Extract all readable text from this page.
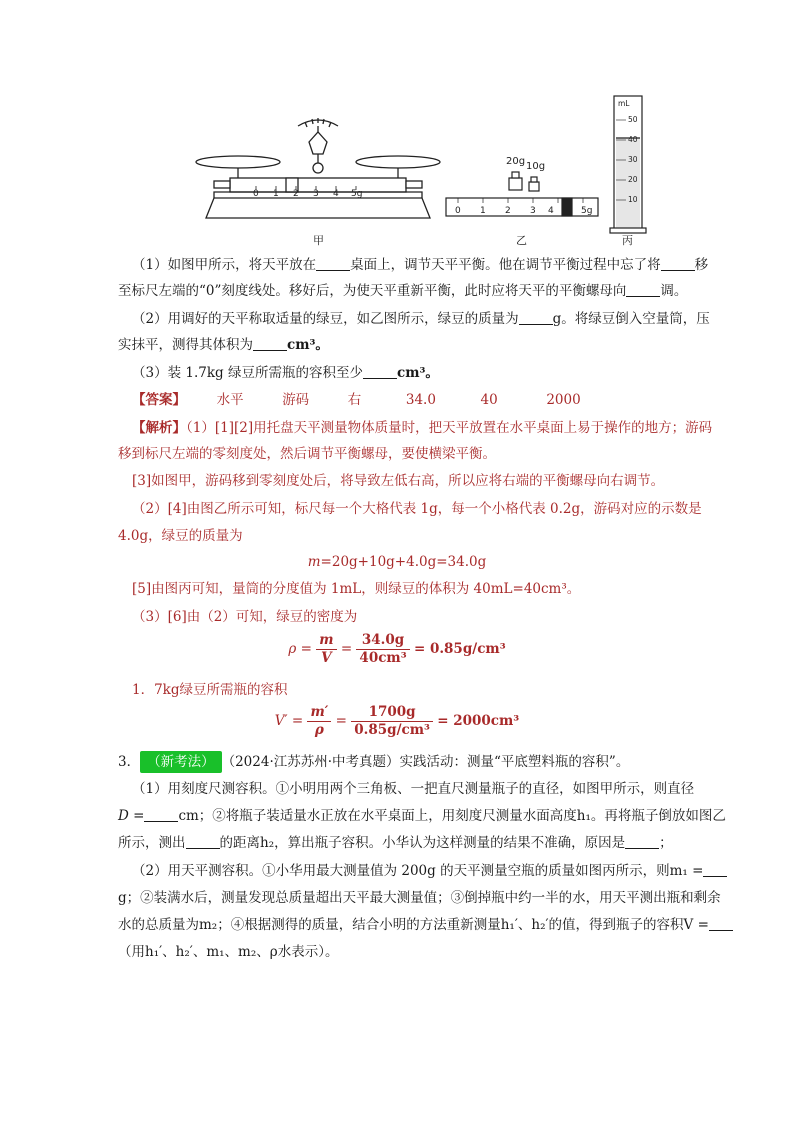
0 1 2 3 4 5g
甲
20g 10g
0 1 2 3 4	5g
乙
mL
50
40
30
20
10
丙
（1）如图甲所示，将天平放在	桌面上，调节天平平衡。他在调节平衡过程中忘了将	移
至标尺左端的“0”刻度线处。移好后，为使天平重新平衡，此时应将天平的平衡螺母向	调。
（2）用调好的天平称取适量的绿豆，如乙图所示，绿豆的质量为	g。将绿豆倒入空量筒，压
实抹平，测得其体积为	cm³。
（3）装 1.7kg 绿豆所需瓶的容积至少	cm³。
【答案】 水平	游码	右	34.0	40	2000
【解析】（1）[1][2]用托盘天平测量物体质量时，把天平放置在水平桌面上易于操作的地方；游码
移到标尺左端的零刻度处，然后调节平衡螺母，要使横梁平衡。
[3]如图甲，游码移到零刻度处后，将导致左低右高，所以应将右端的平衡螺母向右调节。
（2）[4]由图乙所示可知，标尺每一个大格代表 1g，每一个小格代表 0.2g，游码对应的示数是
4.0g，绿豆的质量为
m=20g+10g+4.0g=34.0g
[5]由图丙可知，量筒的分度值为 1mL，则绿豆的体积为 40mL=40cm³。
（3）[6]由（2）可知，绿豆的密度为
$\rho = \frac{m}{V} = \frac{34.0g}{\text{40cm³}} = 0.85g/cm^3$
1．7kg绿豆所需瓶的容积
$V' = \frac{m'}{\rho} = \frac{1700g}{\text{0.85g/cm³}} = 2000cm^3$
3． （新考法） （2024·江苏苏州·中考真题）实践活动：测量“平底塑料瓶的容积”。
（1）用刻度尺测容积。①小明用两个三角板、一把直尺测量瓶子的直径，如图甲所示，则直径
D =	cm；②将瓶子装适量水正放在水平桌面上，用刻度尺测量水面高度h₁。再将瓶子倒放如图乙
所示，测出	的距离h₂，算出瓶子容积。小华认为这样测量的结果不准确，原因是	；
（2）用天平测容积。①小华用最大测量值为 200g 的天平测量空瓶的质量如图丙所示，则m₁ =
g；②装满水后，测量发现总质量超出天平最大测量值；③倒掉瓶中约一半的水，用天平测出瓶和剩余
水的总质量为m₂；④根据测得的质量，结合小明的方法重新测量h₁′、h₂′的值，得到瓶子的容积V =
（用h₁′、h₂′、m₁、m₂、ρ水表示）。
